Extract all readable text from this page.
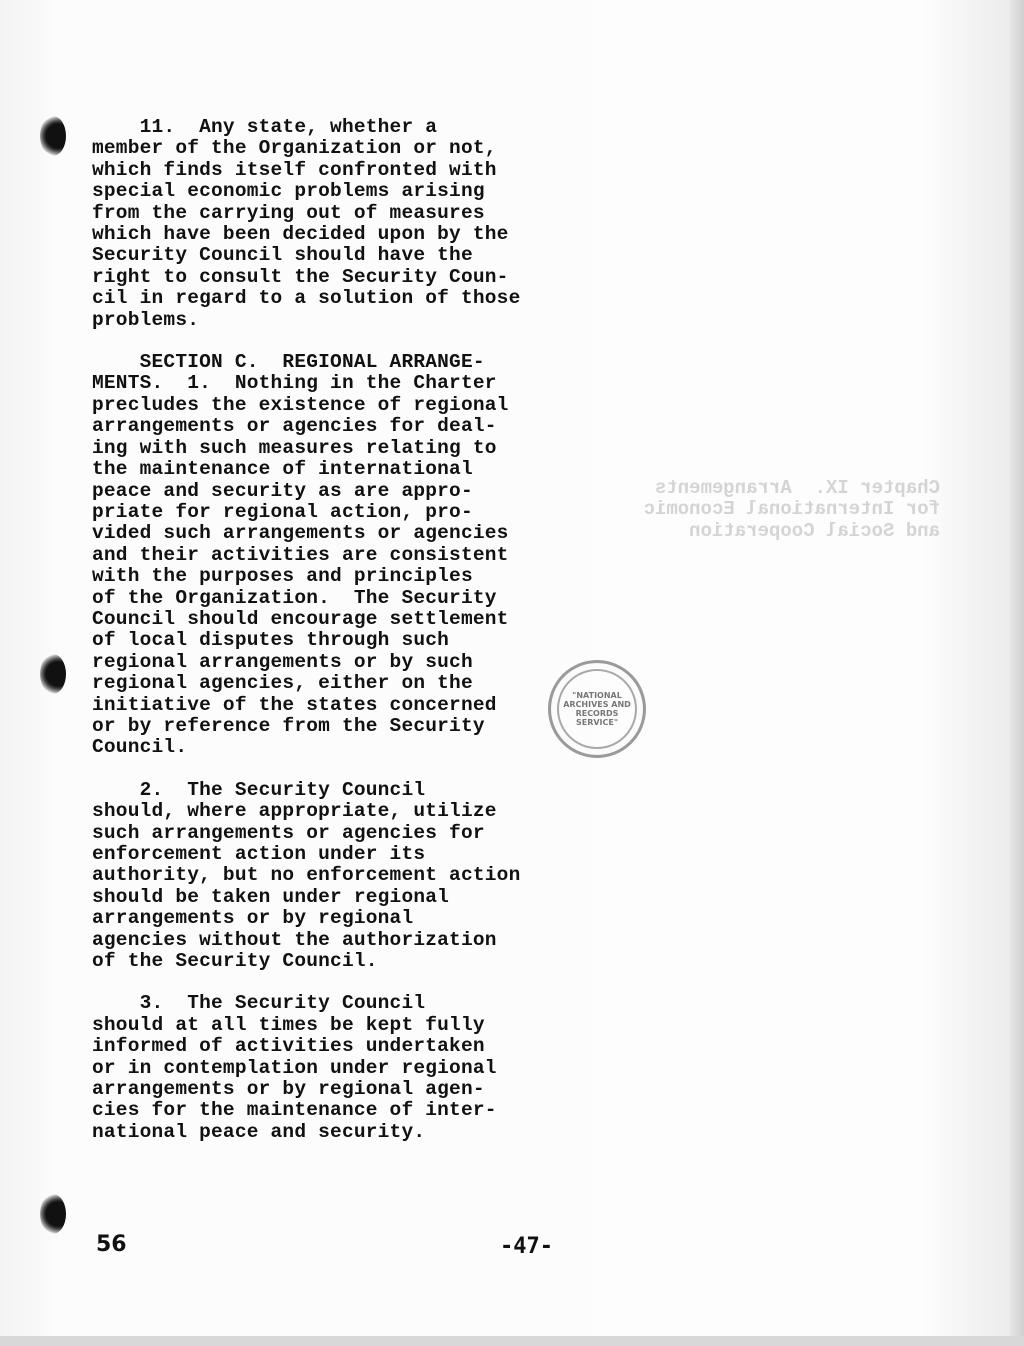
Chapter IX.  Arrangements
for International Economic
and Social Cooperation
11.  Any state, whether a
member of the Organization or not,
which finds itself confronted with
special economic problems arising
from the carrying out of measures
which have been decided upon by the
Security Council should have the
right to consult the Security Coun-
cil in regard to a solution of those
problems.
SECTION C.  REGIONAL ARRANGE-
MENTS.  1.  Nothing in the Charter
precludes the existence of regional
arrangements or agencies for deal-
ing with such measures relating to
the maintenance of international
peace and security as are appro-
priate for regional action, pro-
vided such arrangements or agencies
and their activities are consistent
with the purposes and principles
of the Organization.  The Security
Council should encourage settlement
of local disputes through such
regional arrangements or by such
regional agencies, either on the
initiative of the states concerned
or by reference from the Security
Council.
2.  The Security Council
should, where appropriate, utilize
such arrangements or agencies for
enforcement action under its
authority, but no enforcement action
should be taken under regional
arrangements or by regional
agencies without the authorization
of the Security Council.
3.  The Security Council
should at all times be kept fully
informed of activities undertaken
or in contemplation under regional
arrangements or by regional agen-
cies for the maintenance of inter-
national peace and security.
"NATIONAL ARCHIVES AND RECORDS SERVICE"
56	-47-
